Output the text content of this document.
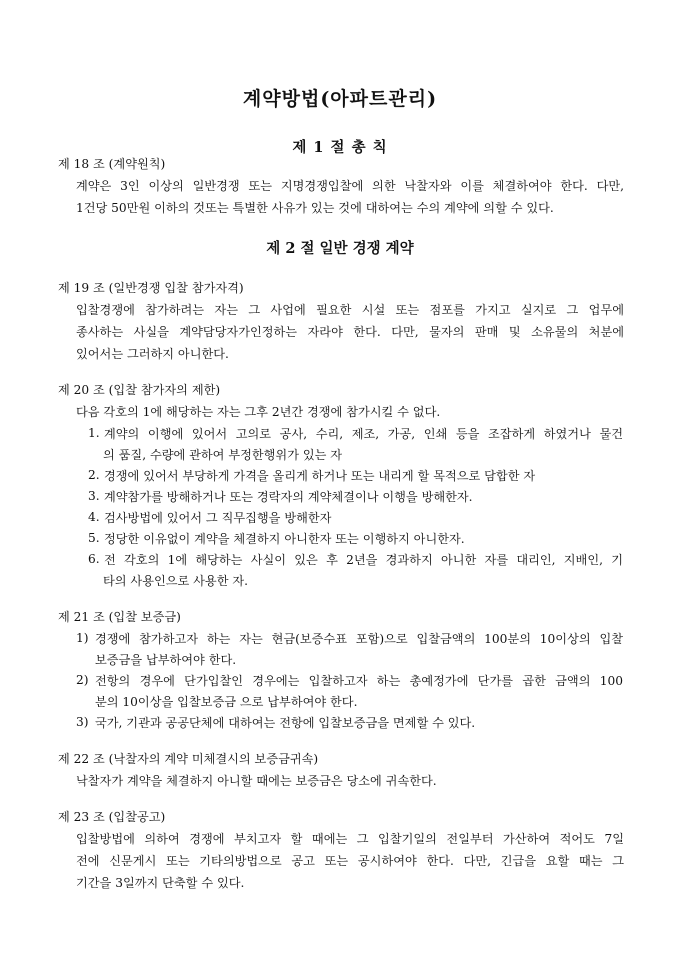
계약방법(아파트관리)
제 1 절 총 칙
제 18 조 (계약원칙)
계약은 3인 이상의 일반경쟁 또는 지명경쟁입찰에 의한 낙찰자와 이를 체결하여야 한다. 다만,
1건당 50만원 이하의 것또는 특별한 사유가 있는 것에 대하여는 수의 계약에 의할 수 있다.
제 2 절 일반 경쟁 계약
제 19 조 (일반경쟁 입찰 참가자격)
입찰경쟁에 참가하려는 자는 그 사업에 필요한 시설 또는 점포를 가지고 실지로 그 업무에
종사하는 사실을 계약담당자가인정하는 자라야 한다. 다만, 물자의 판매 및 소유물의 처분에
있어서는 그러하지 아니한다.
제 20 조 (입찰 참가자의 제한)
다음 각호의 1에 해당하는 자는 그후 2년간 경쟁에 참가시킬 수 없다.
1. 계약의 이행에 있어서 고의로 공사, 수리, 제조, 가공, 인쇄 등을 조잡하게 하였거나 물건
의 품질, 수량에 관하여 부정한행위가 있는 자
2. 경쟁에 있어서 부당하게 가격을 올리게 하거나 또는 내리게 할 목적으로 담합한 자
3. 계약참가를 방해하거나 또는 경락자의 계약체결이나 이행을 방해한자.
4. 검사방법에 있어서 그 직무집행을 방해한자
5. 정당한 이유없이 계약을 체결하지 아니한자 또는 이행하지 아니한자.
6. 전 각호의 1에 해당하는 사실이 있은 후 2년을 경과하지 아니한 자를 대리인, 지배인, 기
타의 사용인으로 사용한 자.
제 21 조 (입찰 보증금)
1) 경쟁에 참가하고자 하는 자는 현금(보증수표 포함)으로 입찰금액의 100분의 10이상의 입찰
보증금을 납부하여야 한다.
2) 전항의 경우에 단가입찰인 경우에는 입찰하고자 하는 총예정가에 단가를 곱한 금액의 100
분의 10이상을 입찰보증금 으로 납부하여야 한다.
3) 국가, 기관과 공공단체에 대하여는 전항에 입찰보증금을 면제할 수 있다.
제 22 조 (낙찰자의 계약 미체결시의 보증금귀속)
낙찰자가 계약을 체결하지 아니할 때에는 보증금은 당소에 귀속한다.
제 23 조 (입찰공고)
입찰방법에 의하여 경쟁에 부치고자 할 때에는 그 입찰기일의 전일부터 가산하여 적어도 7일
전에 신문게시 또는 기타의방법으로 공고 또는 공시하여야 한다. 다만, 긴급을 요할 때는 그
기간을 3일까지 단축할 수 있다.
